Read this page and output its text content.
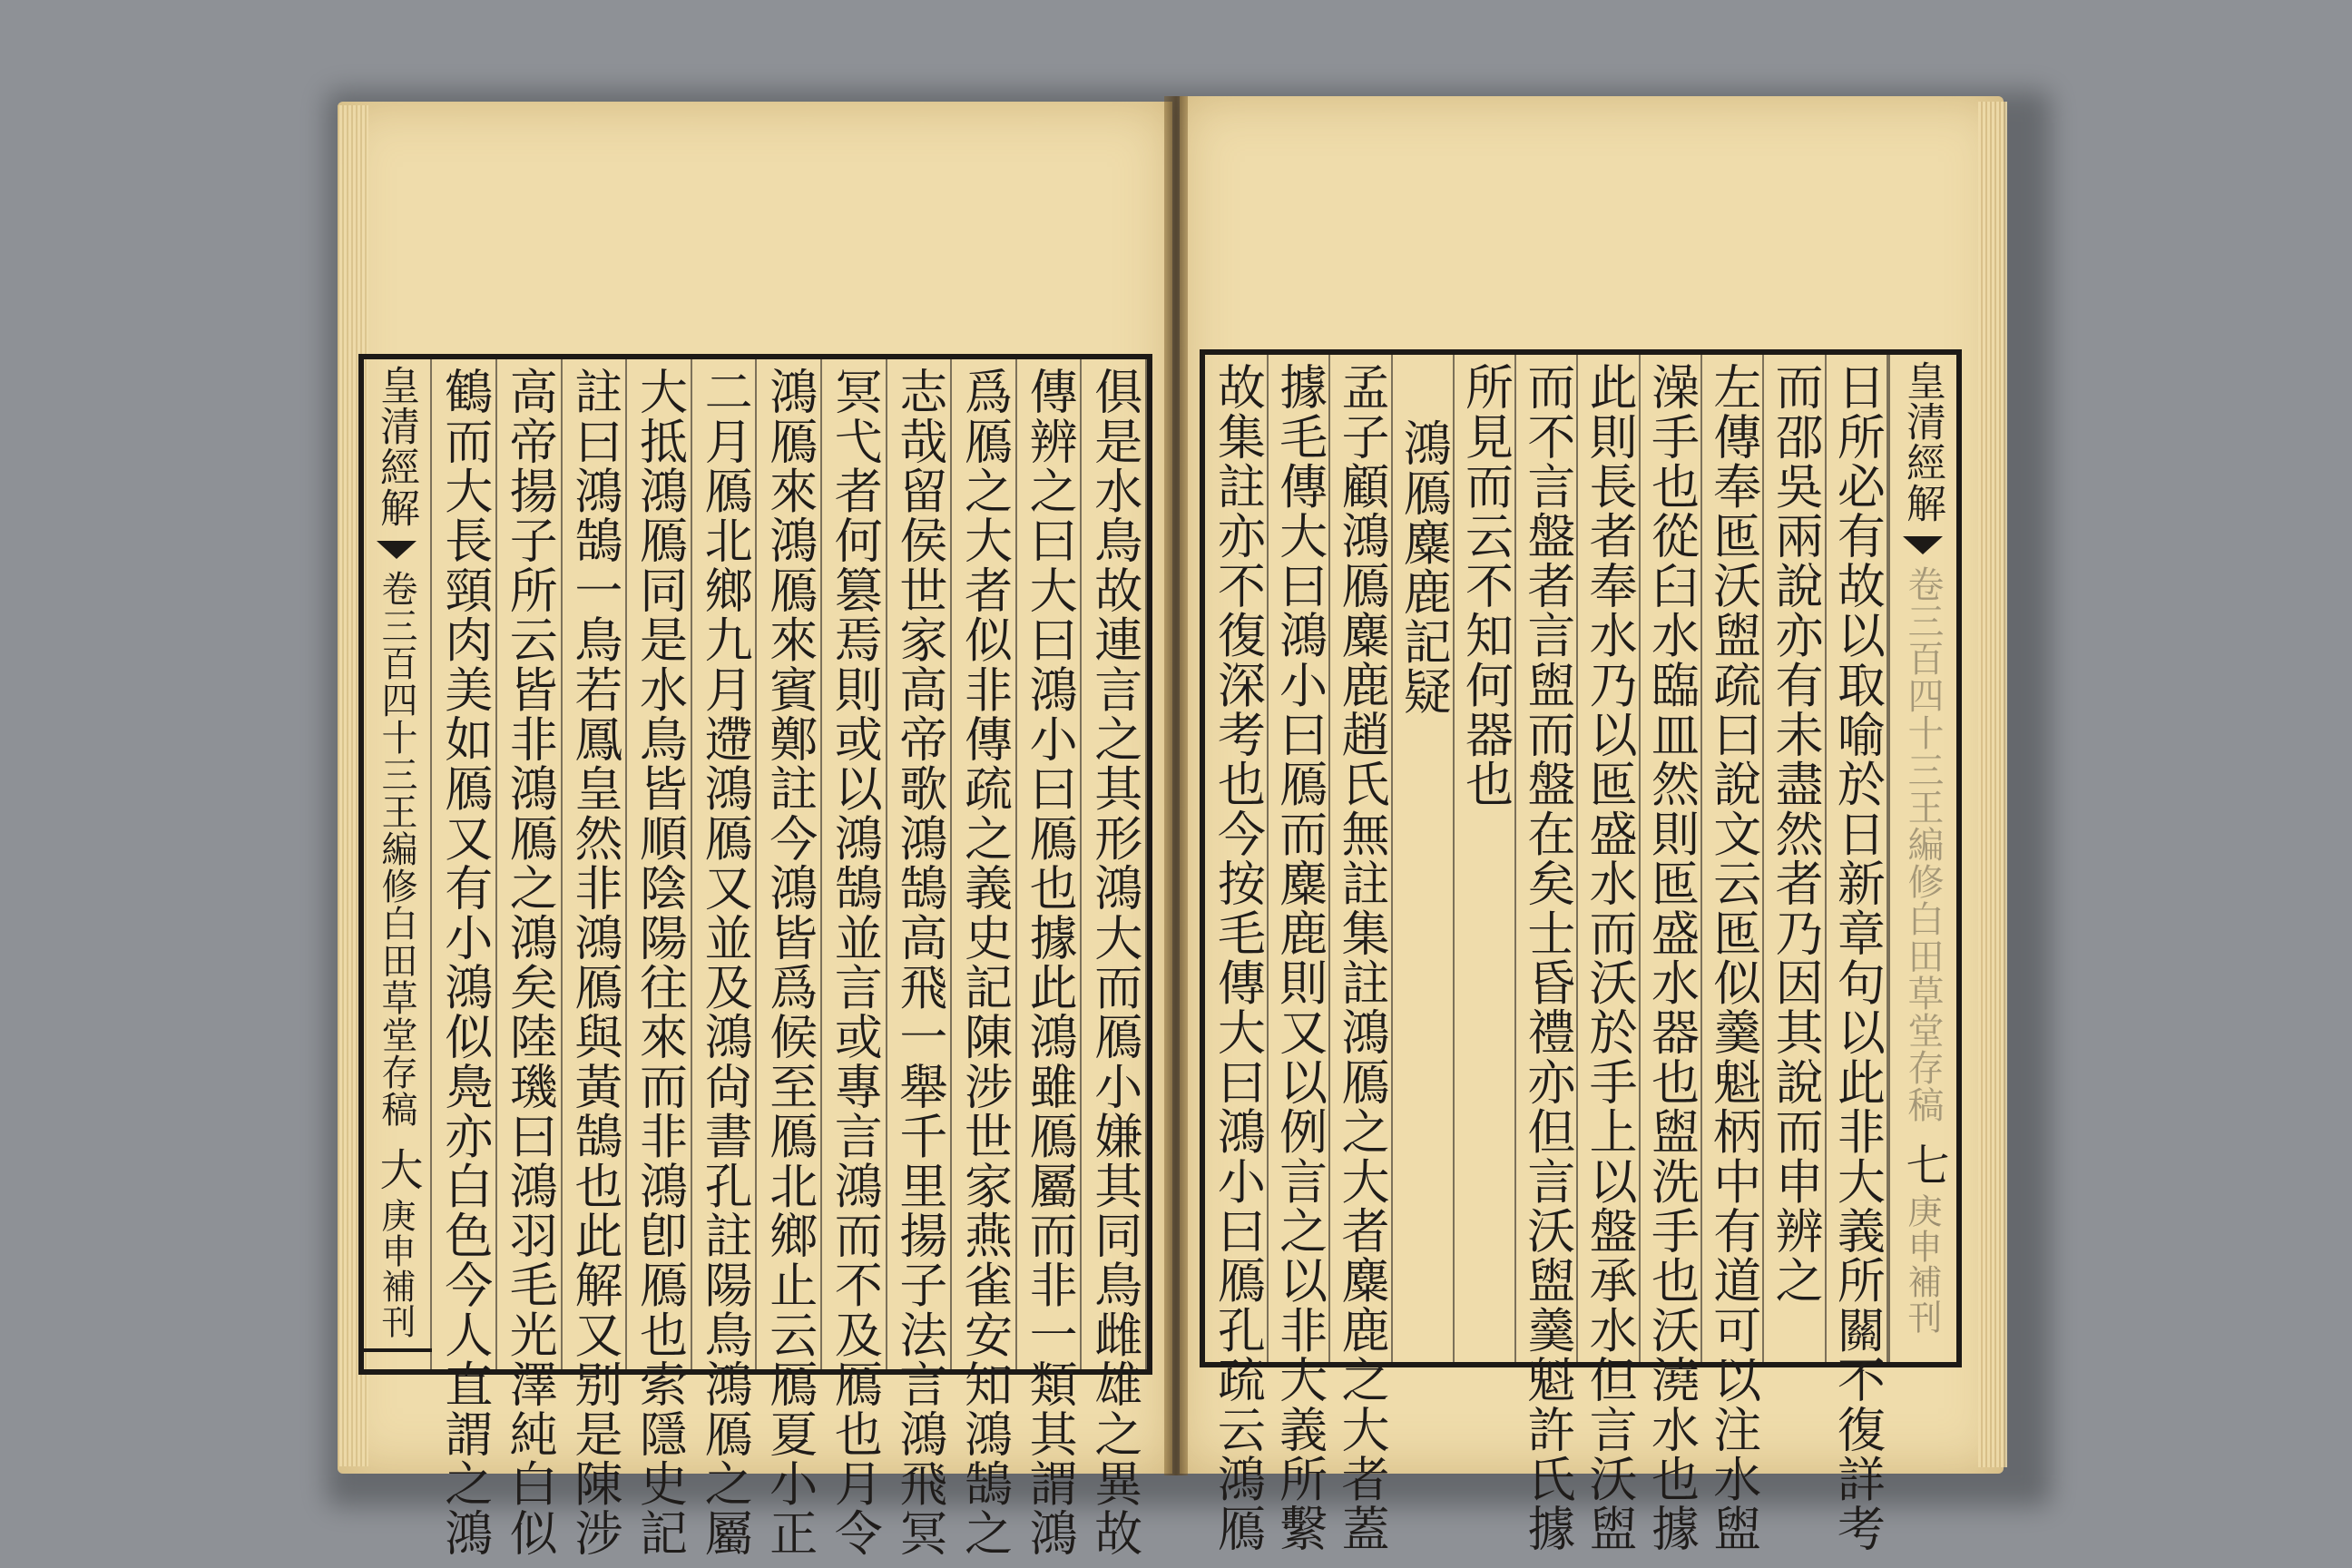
皇清經解
卷三百四十三王編修白田草堂存稿
大
庚申補刊	俱是水鳥故連言之其形鴻大而鴈小嫌其同鳥雌雄之異故
傳辨之曰大曰鴻小曰鴈也據此鴻雖鴈屬而非一類其謂鴻
爲鴈之大者似非傳疏之義史記陳涉世家燕雀安知鴻鵠之
志哉留侯世家高帝歌鴻鵠高飛一舉千里揚子法言鴻飛冥
冥弋者何篡焉則或以鴻鵠並言或專言鴻而不及鴈也月令
鴻鴈來鴻鴈來賓鄭註今鴻皆爲候至鴈北鄉止云鴈夏小正
二月鴈北鄉九月遰鴻鴈又並及鴻尙書孔註陽鳥鴻鴈之屬
大抵鴻鴈同是水鳥皆順陰陽往來而非鴻卽鴈也索隱史記
註曰鴻鵠一鳥若鳳皇然非鴻鴈與黃鵠也此解又别是陳涉
高帝揚子所云皆非鴻鴈之鴻矣陸璣曰鴻羽毛光澤純白似
鶴而大長頸肉美如鴈又有小鴻似鳧亦白色今人直謂之鴻	日所必有故以取喻於日新章句以此非大義所關不復詳考
而邵吳兩說亦有未盡然者乃因其說而申辨之
左傳奉匜沃盥疏曰說文云匜似羹魁柄中有道可以注水盥
澡手也從臼水臨皿然則匜盛水器也盥洗手也沃澆水也據
此則長者奉水乃以匜盛水而沃於手上以盤承水但言沃盥
而不言盤者言盥而盤在矣士昏禮亦但言沃盥羹魁許氏據
所見而云不知何器也
鴻鴈麋鹿記疑
孟子顧鴻鴈麋鹿趙氏無註集註鴻鴈之大者麋鹿之大者蓋
據毛傳大曰鴻小曰鴈而麋鹿則又以例言之以非大義所繫
故集註亦不復深考也今按毛傳大曰鴻小曰鴈孔疏云鴻鴈	皇清經解
卷三百四十三王編修白田草堂存稿
七
庚申補刊
